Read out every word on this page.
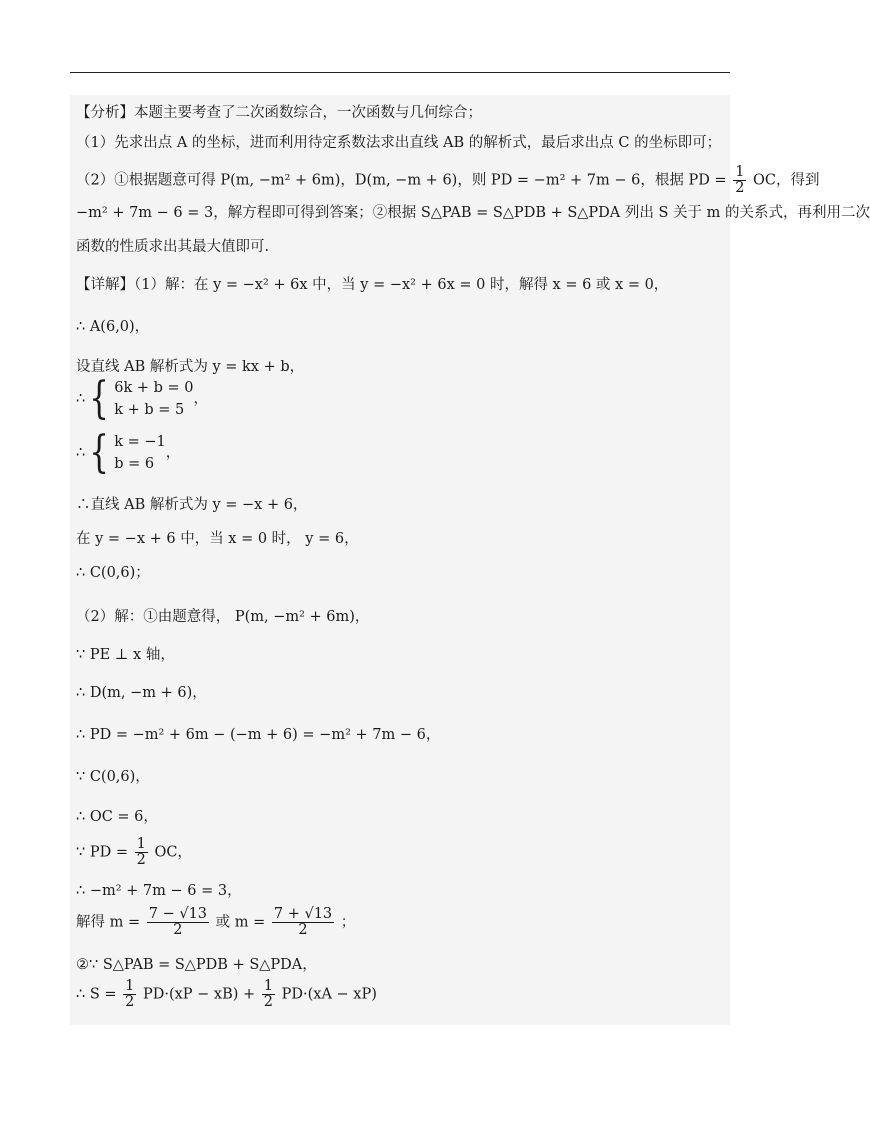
【分析】本题主要考查了二次函数综合，一次函数与几何综合；
（1）先求出点 A 的坐标，进而利用待定系数法求出直线 AB 的解析式，最后求出点 C 的坐标即可；
（2）①根据题意可得 P(m, −m² + 6m)，D(m, −m + 6)，则 PD = −m² + 7m − 6，根据 PD = $\frac{1}{2}$ OC，得到
−m² + 7m − 6 = 3，解方程即可得到答案；②根据 S△PAB = S△PDB + S△PDA 列出 S 关于 m 的关系式，再利用二次
函数的性质求出其最大值即可.
【详解】（1）解：在 y = −x² + 6x 中，当 y = −x² + 6x = 0 时，解得 x = 6 或 x = 0，
∴ A(6,0)，
设直线 AB 解析式为 y = kx + b，
∴ { 6k + b = 0
k + b = 5
，
∴ { k = −1
b = 6
，
∴直线 AB 解析式为 y = −x + 6，
在 y = −x + 6 中，当 x = 0 时， y = 6，
∴ C(0,6)；
（2）解：①由题意得， P(m, −m² + 6m)，
∵ PE ⊥ x 轴，
∴ D(m, −m + 6)，
∴ PD = −m² + 6m − (−m + 6) = −m² + 7m − 6，
∵ C(0,6)，
∴ OC = 6，
∵ PD = $\frac{1}{2}$ OC，
∴ −m² + 7m − 6 = 3，
解得 $m = \frac{7 - √13}{2}$ 或 $m = \frac{7 + √13}{2}$ ；
②∵ S△PAB = S△PDB + S△PDA，
∴ $S = \frac{1}{2} PD\cdot(xP - xB) + \frac{1}{2} PD\cdot(xA - xP)$
